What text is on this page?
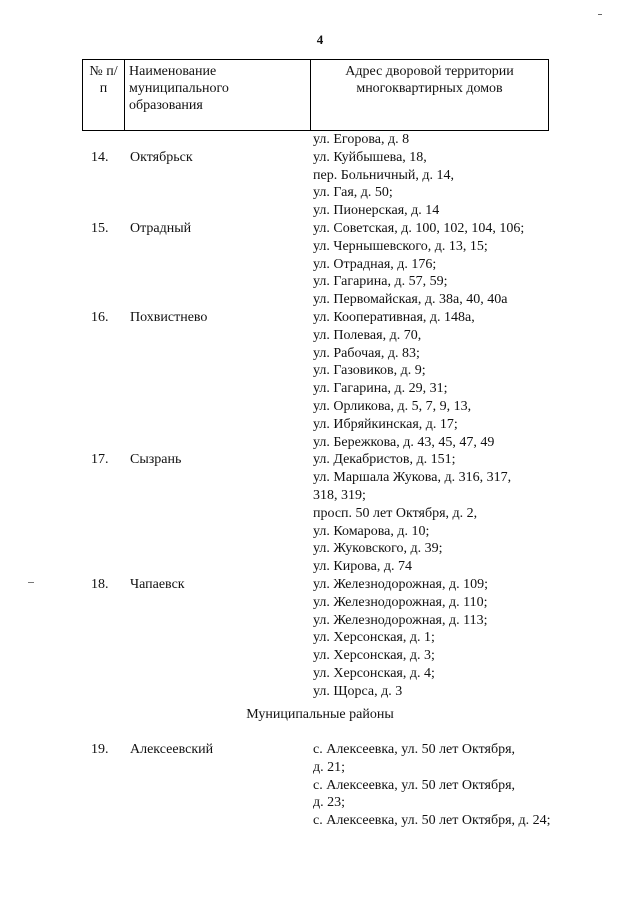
4
№ п/п	Наименование муниципального образования	Адрес дворовой территории многоквартирных домов
ул. Егорова, д. 8
14.	Октябрьск	ул. Куйбышева, 18,
пер. Больничный, д. 14,
ул. Гая, д. 50;
ул. Пионерская, д. 14
15.	Отрадный	ул. Советская, д. 100, 102, 104, 106;
ул. Чернышевского, д. 13, 15;
ул. Отрадная, д. 176;
ул. Гагарина, д. 57, 59;
ул. Первомайская, д. 38а, 40, 40а
16.	Похвистнево	ул. Кооперативная, д. 148а,
ул. Полевая, д. 70,
ул. Рабочая, д. 83;
ул. Газовиков, д. 9;
ул. Гагарина, д. 29, 31;
ул. Орликова, д. 5, 7, 9, 13,
ул. Ибряйкинская, д. 17;
ул. Бережкова, д. 43, 45, 47, 49
17.	Сызрань	ул. Декабристов, д. 151;
ул. Маршала Жукова, д. 316, 317,
318, 319;
просп. 50 лет Октября, д. 2,
ул. Комарова, д. 10;
ул. Жуковского, д. 39;
ул. Кирова, д. 74
18.	Чапаевск	ул. Железнодорожная, д. 109;
ул. Железнодорожная, д. 110;
ул. Железнодорожная, д. 113;
ул. Херсонская, д. 1;
ул. Херсонская, д. 3;
ул. Херсонская, д. 4;
ул. Щорса, д. 3
Муниципальные районы
19.	Алексеевский	с. Алексеевка, ул. 50 лет Октября,
д. 21;
с. Алексеевка, ул. 50 лет Октября,
д. 23;
с. Алексеевка, ул. 50 лет Октября, д. 24;
